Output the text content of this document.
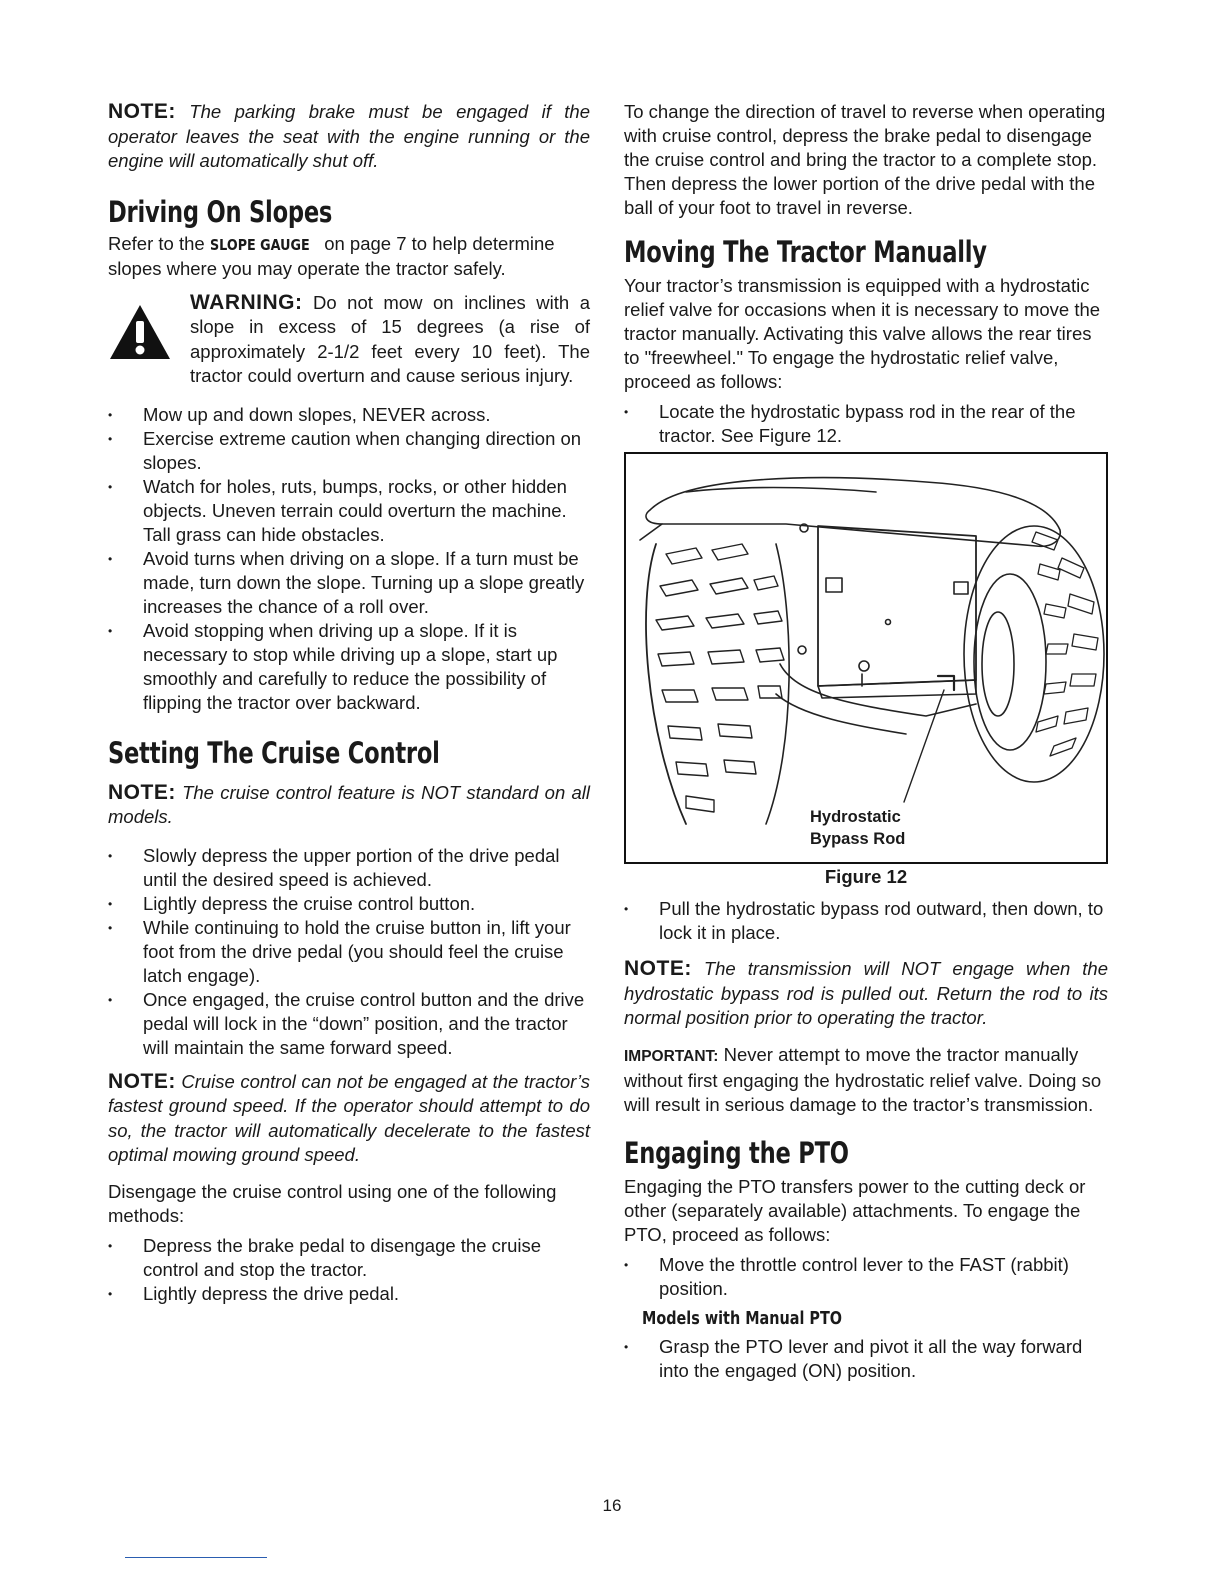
NOTE: The parking brake must be engaged if the operator leaves the seat with the engine running or the engine will automatically shut off.

Driving On Slopes

Refer to the SLOPE GAUGE on page 7 to help determine slopes where you may operate the tractor safely.

WARNING: Do not mow on inclines with a slope in excess of 15 degrees (a rise of approximately 2-1/2 feet every 10 feet). The tractor could overturn and cause serious injury.

• Mow up and down slopes, NEVER across.
• Exercise extreme caution when changing direction on slopes.
• Watch for holes, ruts, bumps, rocks, or other hidden objects. Uneven terrain could overturn the machine. Tall grass can hide obstacles.
• Avoid turns when driving on a slope. If a turn must be made, turn down the slope. Turning up a slope greatly increases the chance of a roll over.
• Avoid stopping when driving up a slope. If it is necessary to stop while driving up a slope, start up smoothly and carefully to reduce the possibility of flipping the tractor over backward.
Setting The Cruise Control

NOTE: The cruise control feature is NOT standard on all models.

• Slowly depress the upper portion of the drive pedal until the desired speed is achieved.
• Lightly depress the cruise control button.
• While continuing to hold the cruise button in, lift your foot from the drive pedal (you should feel the cruise latch engage).
• Once engaged, the cruise control button and the drive pedal will lock in the “down” position, and the tractor will maintain the same forward speed.

NOTE: Cruise control can not be engaged at the tractor’s fastest ground speed. If the operator should attempt to do so, the tractor will automatically decelerate to the fastest optimal mowing ground speed.

Disengage the cruise control using one of the following methods:

• Depress the brake pedal to disengage the cruise control and stop the tractor.
• Lightly depress the drive pedal.

To change the direction of travel to reverse when operating with cruise control, depress the brake pedal to disengage the cruise control and bring the tractor to a complete stop. Then depress the lower portion of the drive pedal with the ball of your foot to travel in reverse.

Moving The Tractor Manually

Your tractor’s transmission is equipped with a hydrostatic relief valve for occasions when it is necessary to move the tractor manually. Activating this valve allows the rear tires to "freewheel." To engage the hydrostatic relief valve, proceed as follows:

• Locate the hydrostatic bypass rod in the rear of the tractor. See Figure 12.
Hydrostatic
Bypass Rod
Figure 12
• Pull the hydrostatic bypass rod outward, then down, to lock it in place.

NOTE: The transmission will NOT engage when the hydrostatic bypass rod is pulled out. Return the rod to its normal position prior to operating the tractor.

IMPORTANT: Never attempt to move the tractor manually without first engaging the hydrostatic relief valve. Doing so will result in serious damage to the tractor’s transmission.

Engaging the PTO

Engaging the PTO transfers power to the cutting deck or other (separately available) attachments. To engage the PTO, proceed as follows:

• Move the throttle control lever to the FAST (rabbit) position.
Models with Manual PTO
• Grasp the PTO lever and pivot it all the way forward into the engaged (ON) position.
16
